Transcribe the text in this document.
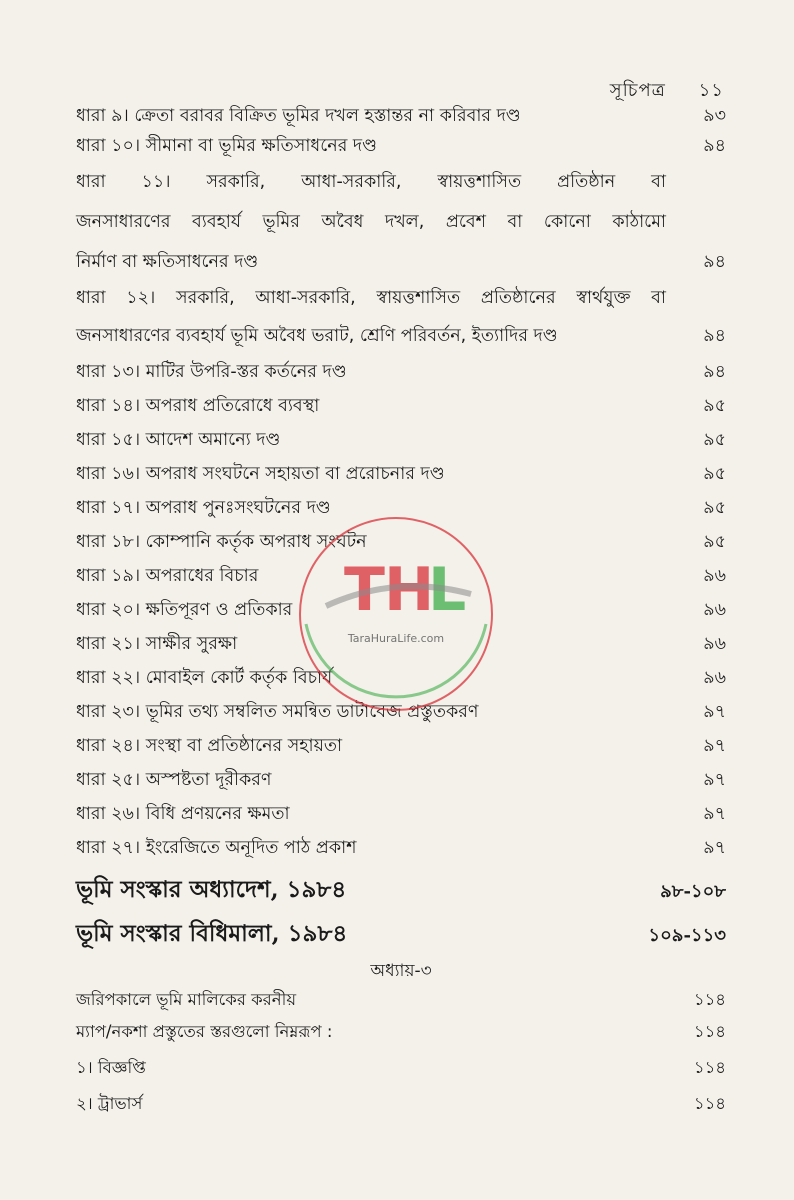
সূচিপত্র ১১
ধারা ৯। ক্রেতা বরাবর বিক্রিত ভূমির দখল হস্তান্তর না করিবার দণ্ড	৯৩
ধারা ১০। সীমানা বা ভূমির ক্ষতিসাধনের দণ্ড	৯৪
ধারা ১১। সরকারি, আধা-সরকারি, স্বায়ত্তশাসিত প্রতিষ্ঠান বা
জনসাধারণের ব্যবহার্য ভূমির অবৈধ দখল, প্রবেশ বা কোনো কাঠামো
নির্মাণ বা ক্ষতিসাধনের দণ্ড	৯৪
ধারা ১২। সরকারি, আধা-সরকারি, স্বায়ত্তশাসিত প্রতিষ্ঠানের স্বার্থযুক্ত বা
জনসাধারণের ব্যবহার্য ভূমি অবৈধ ভরাট, শ্রেণি পরিবর্তন, ইত্যাদির দণ্ড	৯৪
ধারা ১৩। মাটির উপরি-স্তর কর্তনের দণ্ড	৯৪
ধারা ১৪। অপরাধ প্রতিরোধে ব্যবস্থা	৯৫
ধারা ১৫। আদেশ অমান্যে দণ্ড	৯৫
ধারা ১৬। অপরাধ সংঘটনে সহায়তা বা প্ররোচনার দণ্ড	৯৫
ধারা ১৭। অপরাধ পুনঃসংঘটনের দণ্ড	৯৫
ধারা ১৮। কোম্পানি কর্তৃক অপরাধ সংঘটন	৯৫
ধারা ১৯। অপরাধের বিচার	৯৬
ধারা ২০। ক্ষতিপূরণ ও প্রতিকার	৯৬
ধারা ২১। সাক্ষীর সুরক্ষা	৯৬
ধারা ২২। মোবাইল কোর্ট কর্তৃক বিচার্য	৯৬
ধারা ২৩। ভূমির তথ্য সম্বলিত সমন্বিত ডাটাবেজ প্রস্তুতকরণ	৯৭
ধারা ২৪। সংস্থা বা প্রতিষ্ঠানের সহায়তা	৯৭
ধারা ২৫। অস্পষ্টতা দূরীকরণ	৯৭
ধারা ২৬। বিধি প্রণয়নের ক্ষমতা	৯৭
ধারা ২৭। ইংরেজিতে অনূদিত পাঠ প্রকাশ	৯৭
ভূমি সংস্কার অধ্যাদেশ, ১৯৮৪	৯৮-১০৮
ভূমি সংস্কার বিধিমালা, ১৯৮৪	১০৯-১১৩
অধ্যায়-৩
জরিপকালে ভূমি মালিকের করনীয়	১১৪
ম্যাপ/নকশা প্রস্তুতের স্তরগুলো নিম্নরূপ :	১১৪
১। বিজ্ঞপ্তি	১১৪
২। ট্রাভার্স	১১৪
T H
L
TaraHuraLife.com
